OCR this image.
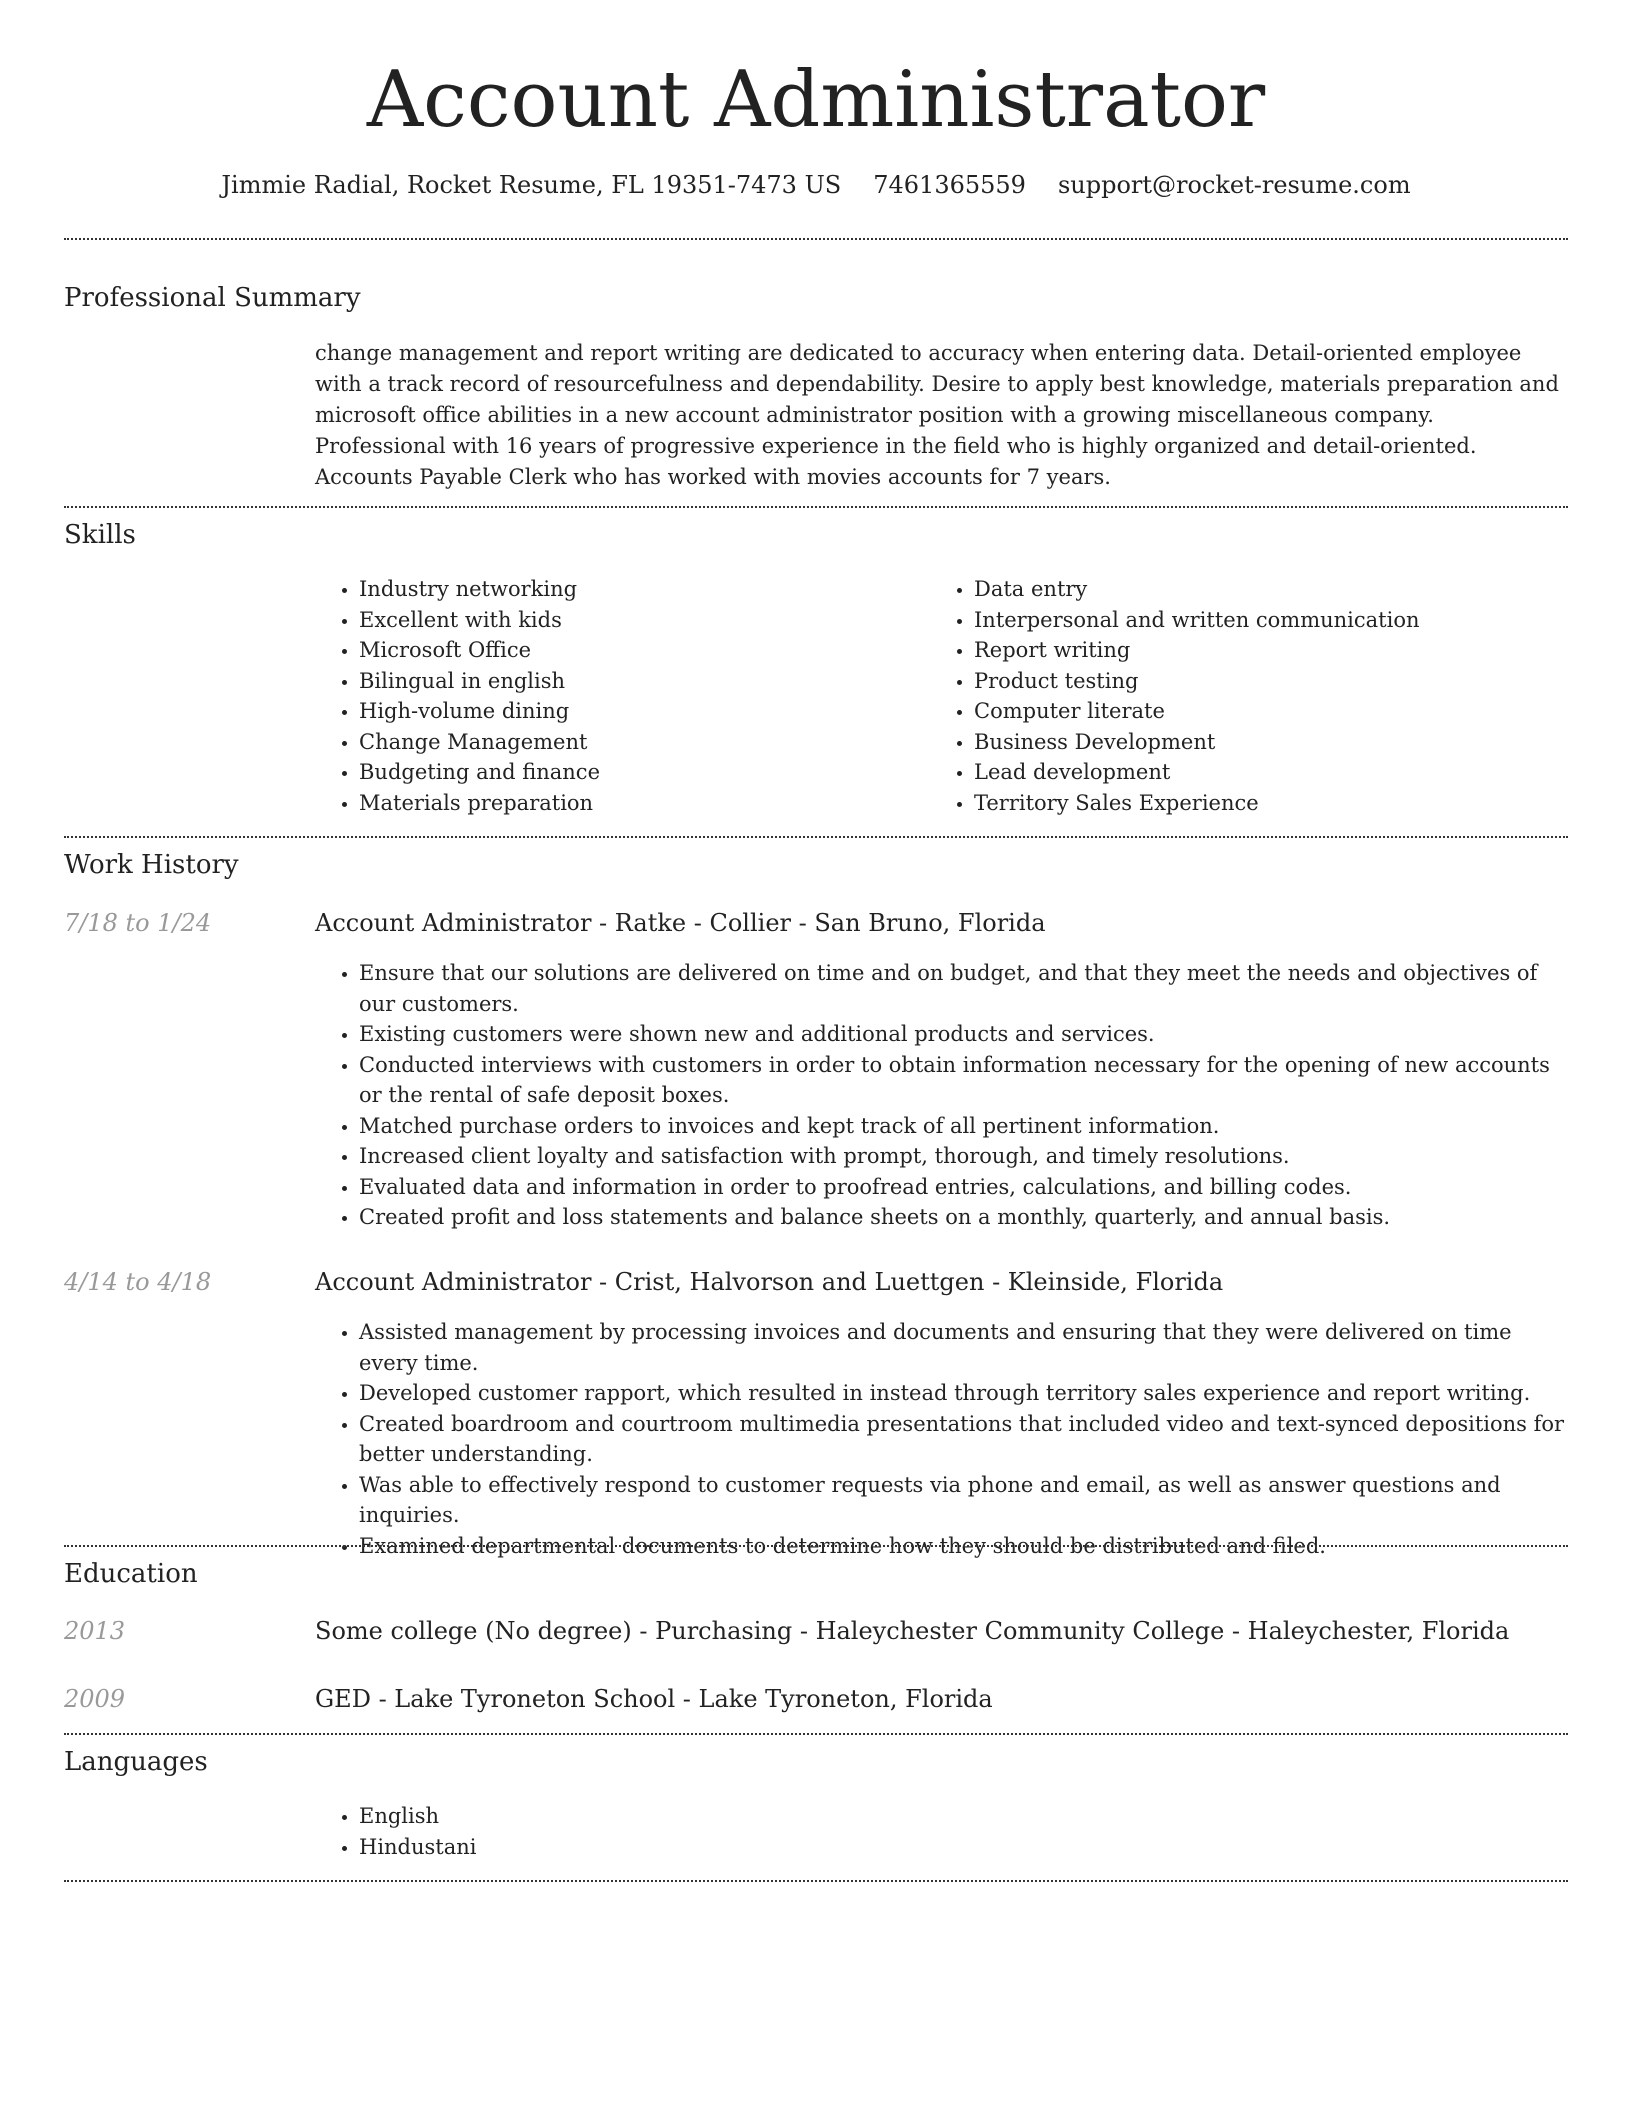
Account Administrator
Jimmie Radial, Rocket Resume, FL 19351-7473 US 7461365559 support@rocket-resume.com
Professional Summary

change management and report writing are dedicated to accuracy when entering data. Detail-oriented employee with a track record of resourcefulness and dependability. Desire to apply best knowledge, materials preparation and microsoft office abilities in a new account administrator position with a growing miscellaneous company. Professional with 16 years of progressive experience in the field who is highly organized and detail-oriented. Accounts Payable Clerk who has worked with movies accounts for 7 years.

Skills
• Industry networking
• Excellent with kids
• Microsoft Office
• Bilingual in english
• High-volume dining
• Change Management
• Budgeting and finance
• Materials preparation
• Data entry
• Interpersonal and written communication
• Report writing
• Product testing
• Computer literate
• Business Development
• Lead development
• Territory Sales Experience
Work History
7/18 to 1/24	Account Administrator - Ratke - Collier - San Bruno, Florida
• Ensure that our solutions are delivered on time and on budget, and that they meet the needs and objectives of our customers.
• Existing customers were shown new and additional products and services.
• Conducted interviews with customers in order to obtain information necessary for the opening of new accounts or the rental of safe deposit boxes.
• Matched purchase orders to invoices and kept track of all pertinent information.
• Increased client loyalty and satisfaction with prompt, thorough, and timely resolutions.
• Evaluated data and information in order to proofread entries, calculations, and billing codes.
• Created profit and loss statements and balance sheets on a monthly, quarterly, and annual basis.
4/14 to 4/18	Account Administrator - Crist, Halvorson and Luettgen - Kleinside, Florida
• Assisted management by processing invoices and documents and ensuring that they were delivered on time every time.
• Developed customer rapport, which resulted in instead through territory sales experience and report writing.
• Created boardroom and courtroom multimedia presentations that included video and text-synced depositions for better understanding.
• Was able to effectively respond to customer requests via phone and email, as well as answer questions and inquiries.
• Examined departmental documents to determine how they should be distributed and filed.
Education
2013	Some college (No degree) - Purchasing - Haleychester Community College - Haleychester, Florida
2009	GED - Lake Tyroneton School - Lake Tyroneton, Florida
Languages
• English
• Hindustani
